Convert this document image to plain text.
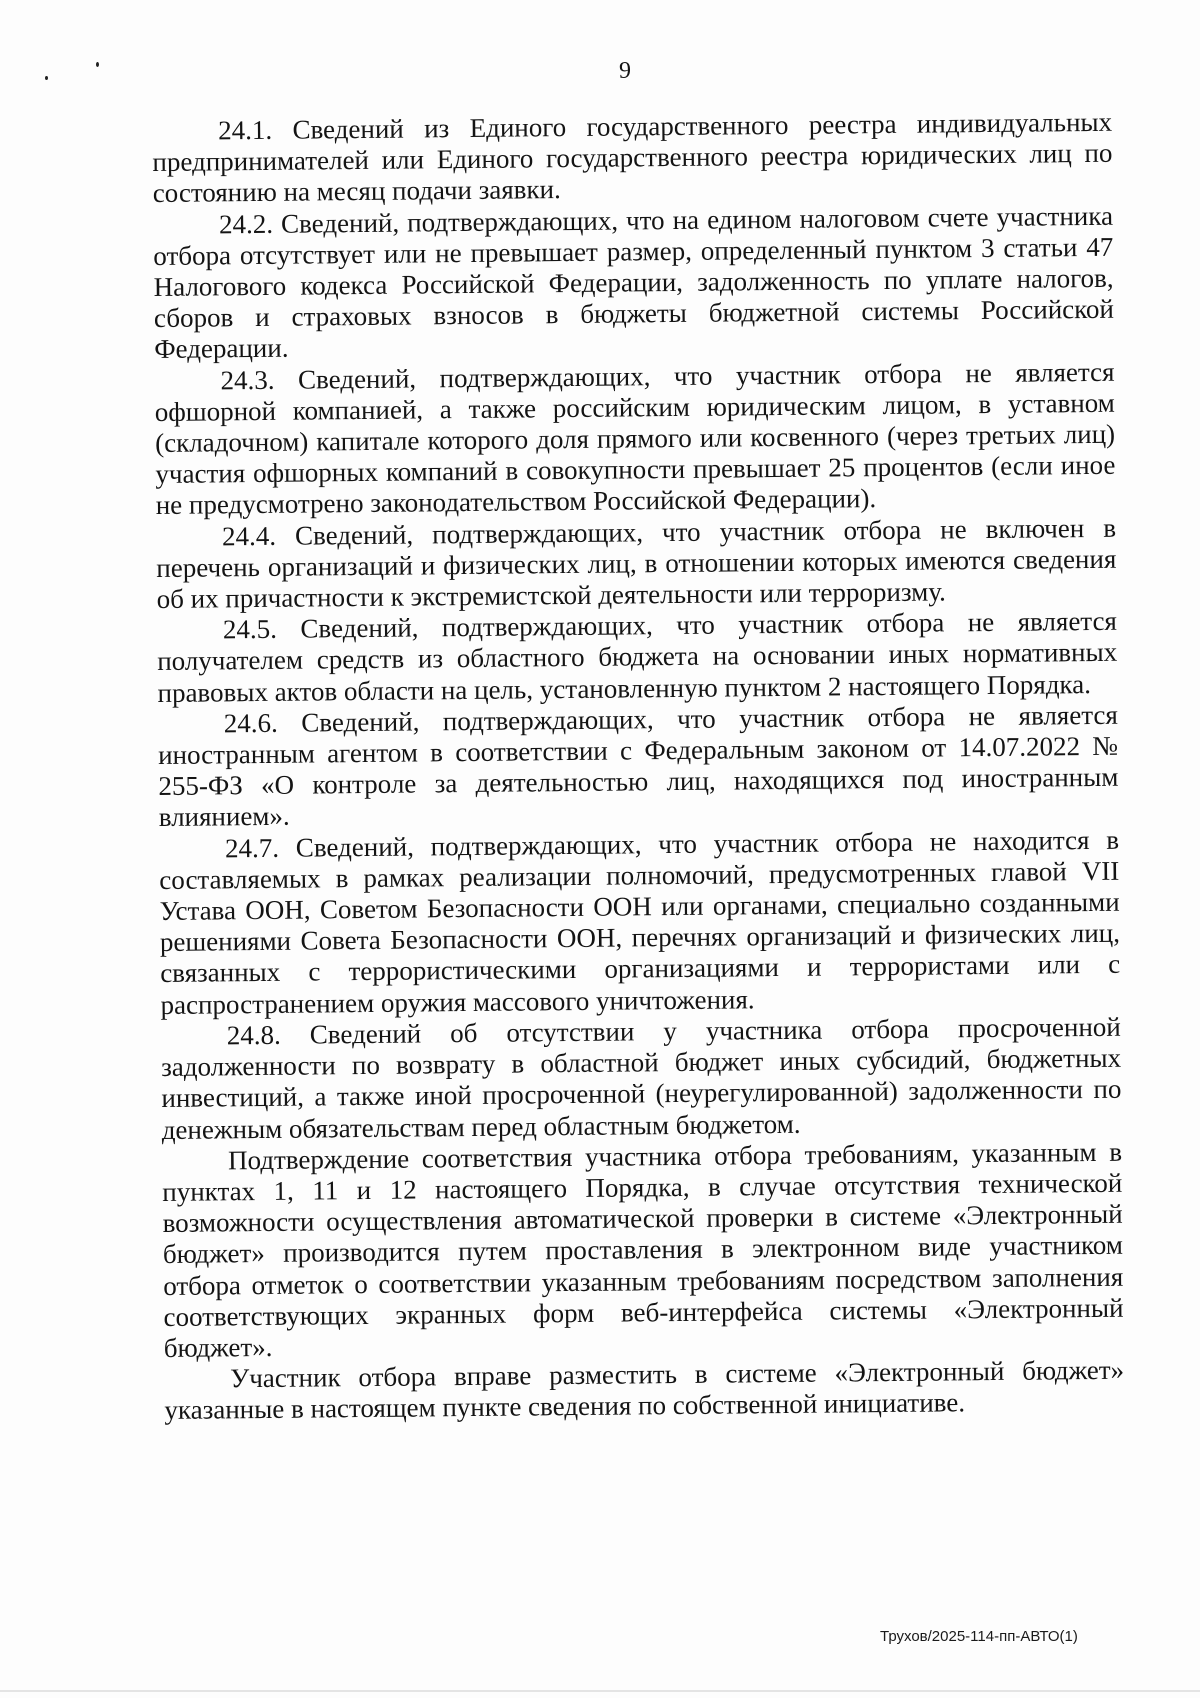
9

24.1. Сведений из Единого государственного реестра индивидуальных предпринимателей или Единого государственного реестра юридических лиц по состоянию на месяц подачи заявки.

24.2. Сведений, подтверждающих, что на едином налоговом счете участника отбора отсутствует или не превышает размер, определенный пунктом 3 статьи 47 Налогового кодекса Российской Федерации, задолженность по уплате налогов, сборов и страховых взносов в бюджеты бюджетной системы Российской Федерации.

24.3. Сведений, подтверждающих, что участник отбора не является офшорной компанией, а также российским юридическим лицом, в уставном (складочном) капитале которого доля прямого или косвенного (через третьих лиц) участия офшорных компаний в совокупности превышает 25 процентов (если иное не предусмотрено законодательством Российской Федерации).

24.4. Сведений, подтверждающих, что участник отбора не включен в перечень организаций и физических лиц, в отношении которых имеются сведения об их причастности к экстремистской деятельности или терроризму.

24.5. Сведений, подтверждающих, что участник отбора не является получателем средств из областного бюджета на основании иных нормативных правовых актов области на цель, установленную пунктом 2 настоящего Порядка.

24.6. Сведений, подтверждающих, что участник отбора не является иностранным агентом в соответствии с Федеральным законом от 14.07.2022 № 255-ФЗ «О контроле за деятельностью лиц, находящихся под иностранным влиянием».

24.7. Сведений, подтверждающих, что участник отбора не находится в составляемых в рамках реализации полномочий, предусмотренных главой VII Устава ООН, Советом Безопасности ООН или органами, специально созданными решениями Совета Безопасности ООН, перечнях организаций и физических лиц, связанных с террористическими организациями и террористами или с распространением оружия массового уничтожения.

24.8. Сведений об отсутствии у участника отбора просроченной задолженности по возврату в областной бюджет иных субсидий, бюджетных инвестиций, а также иной просроченной (неурегулированной) задолженности по денежным обязательствам перед областным бюджетом.

Подтверждение соответствия участника отбора требованиям, указанным в пунктах 1, 11 и 12 настоящего Порядка, в случае отсутствия технической возможности осуществления автоматической проверки в системе «Электронный бюджет» производится путем проставления в электронном виде участником отбора отметок о соответствии указанным требованиям посредством заполнения соответствующих экранных форм веб-интерфейса системы «Электронный бюджет».

Участник отбора вправе разместить в системе «Электронный бюджет» указанные в настоящем пункте сведения по собственной инициативе.

Трухов/2025-114-пп-АВТО(1)
